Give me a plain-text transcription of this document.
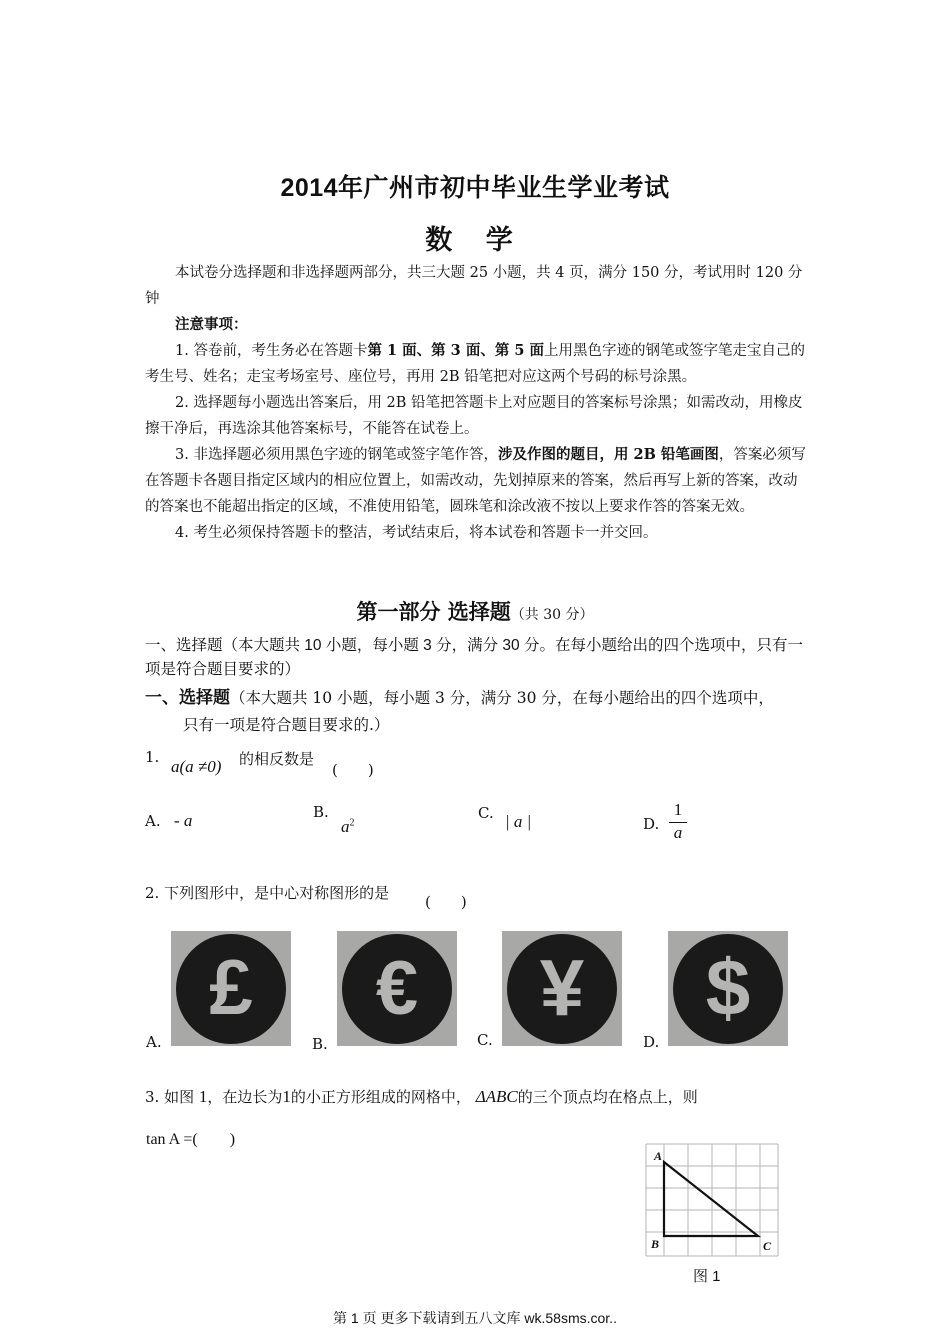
2014年广州市初中毕业生学业考试
数 学

本试卷分选择题和非选择题两部分，共三大题 25 小题，共 4 页，满分 150 分，考试用时 120 分钟

注意事项：

1. 答卷前，考生务必在答题卡第 1 面、第 3 面、第 5 面上用黑色字迹的钢笔或签字笔走宝自己的考生号、姓名；走宝考场室号、座位号，再用 2B 铅笔把对应这两个号码的标号涂黑。

2. 选择题每小题选出答案后，用 2B 铅笔把答题卡上对应题目的答案标号涂黑；如需改动，用橡皮擦干净后，再选涂其他答案标号，不能答在试卷上。

3. 非选择题必须用黑色字迹的钢笔或签字笔作答，涉及作图的题目，用 2B 铅笔画图，答案必须写在答题卡各题目指定区域内的相应位置上，如需改动，先划掉原来的答案，然后再写上新的答案，改动的答案也不能超出指定的区域，不准使用铅笔，圆珠笔和涂改液不按以上要求作答的答案无效。

4. 考生必须保持答题卡的整洁，考试结束后，将本试卷和答题卡一并交回。

第一部分 选择题（共 30 分）
一、选择题（本大题共 10 小题，每小题 3 分，满分 30 分。在每小题给出的四个选项中，只有一项是符合题目要求的）
一、选择题（本大题共 10 小题，每小题 3 分，满分 30 分，在每小题给出的四个选项中，
只有一项是符合题目要求的.）
1. a(a ≠0) 的相反数是
(　　)
A. - a	B.
$a^2$
C. | a |	D. $\frac{1}{a}$
2. 下列图形中，是中心对称图形的是 (　　)
£
A.
€
B.
¥
C.
$
D.
3. 如图 1，在边长为1的小正方形组成的网格中， ΔABC的三个顶点均在格点上，则
tan A =(　　)
A
B	C
图 1
第 1 页 更多下载请到五八文库 wk.58sms.cor..
